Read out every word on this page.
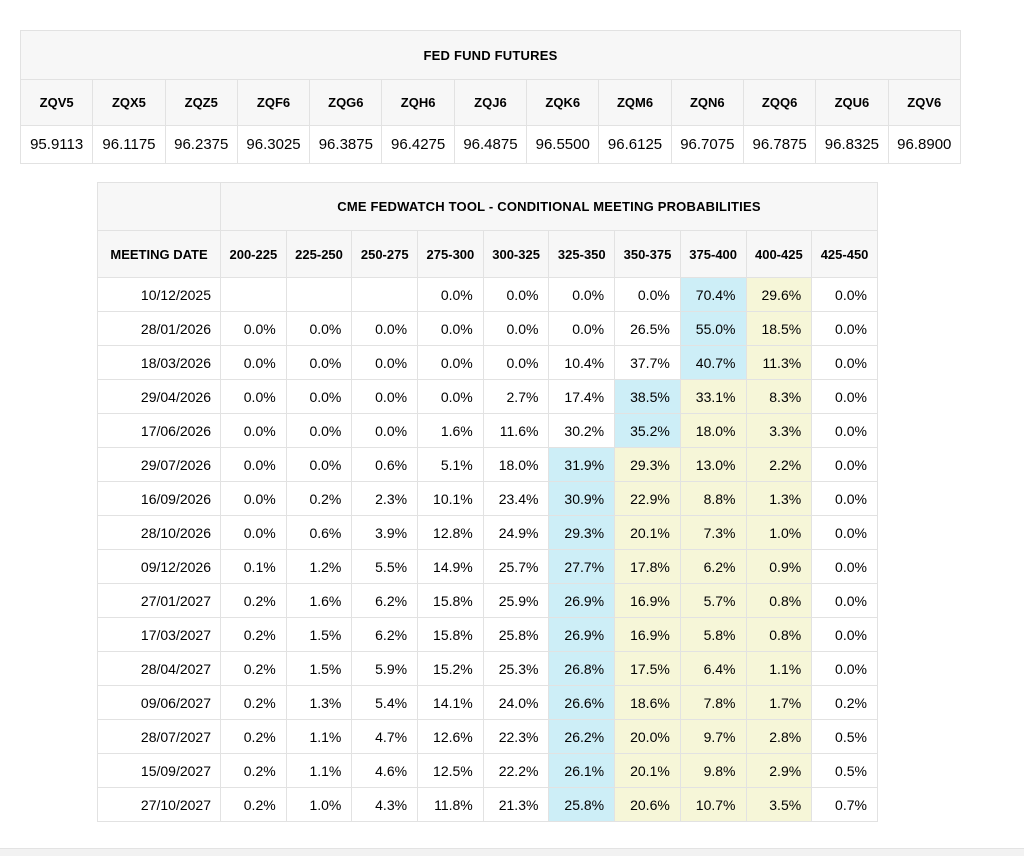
FED FUND FUTURES												
ZQV5	ZQX5	ZQZ5	ZQF6	ZQG6	ZQH6	ZQJ6	ZQK6	ZQM6	ZQN6	ZQQ6	ZQU6	ZQV6
95.9113	96.1175	96.2375	96.3025	96.3875	96.4275	96.4875	96.5500	96.6125	96.7075	96.7875	96.8325	96.8900
	CME FEDWATCH TOOL - CONDITIONAL MEETING PROBABILITIES									
MEETING DATE	200-225	225-250	250-275	275-300	300-325	325-350	350-375	375-400	400-425	425-450
10/12/2025				0.0%	0.0%	0.0%	0.0%	70.4%	29.6%	0.0%
28/01/2026	0.0%	0.0%	0.0%	0.0%	0.0%	0.0%	26.5%	55.0%	18.5%	0.0%
18/03/2026	0.0%	0.0%	0.0%	0.0%	0.0%	10.4%	37.7%	40.7%	11.3%	0.0%
29/04/2026	0.0%	0.0%	0.0%	0.0%	2.7%	17.4%	38.5%	33.1%	8.3%	0.0%
17/06/2026	0.0%	0.0%	0.0%	1.6%	11.6%	30.2%	35.2%	18.0%	3.3%	0.0%
29/07/2026	0.0%	0.0%	0.6%	5.1%	18.0%	31.9%	29.3%	13.0%	2.2%	0.0%
16/09/2026	0.0%	0.2%	2.3%	10.1%	23.4%	30.9%	22.9%	8.8%	1.3%	0.0%
28/10/2026	0.0%	0.6%	3.9%	12.8%	24.9%	29.3%	20.1%	7.3%	1.0%	0.0%
09/12/2026	0.1%	1.2%	5.5%	14.9%	25.7%	27.7%	17.8%	6.2%	0.9%	0.0%
27/01/2027	0.2%	1.6%	6.2%	15.8%	25.9%	26.9%	16.9%	5.7%	0.8%	0.0%
17/03/2027	0.2%	1.5%	6.2%	15.8%	25.8%	26.9%	16.9%	5.8%	0.8%	0.0%
28/04/2027	0.2%	1.5%	5.9%	15.2%	25.3%	26.8%	17.5%	6.4%	1.1%	0.0%
09/06/2027	0.2%	1.3%	5.4%	14.1%	24.0%	26.6%	18.6%	7.8%	1.7%	0.2%
28/07/2027	0.2%	1.1%	4.7%	12.6%	22.3%	26.2%	20.0%	9.7%	2.8%	0.5%
15/09/2027	0.2%	1.1%	4.6%	12.5%	22.2%	26.1%	20.1%	9.8%	2.9%	0.5%
27/10/2027	0.2%	1.0%	4.3%	11.8%	21.3%	25.8%	20.6%	10.7%	3.5%	0.7%
